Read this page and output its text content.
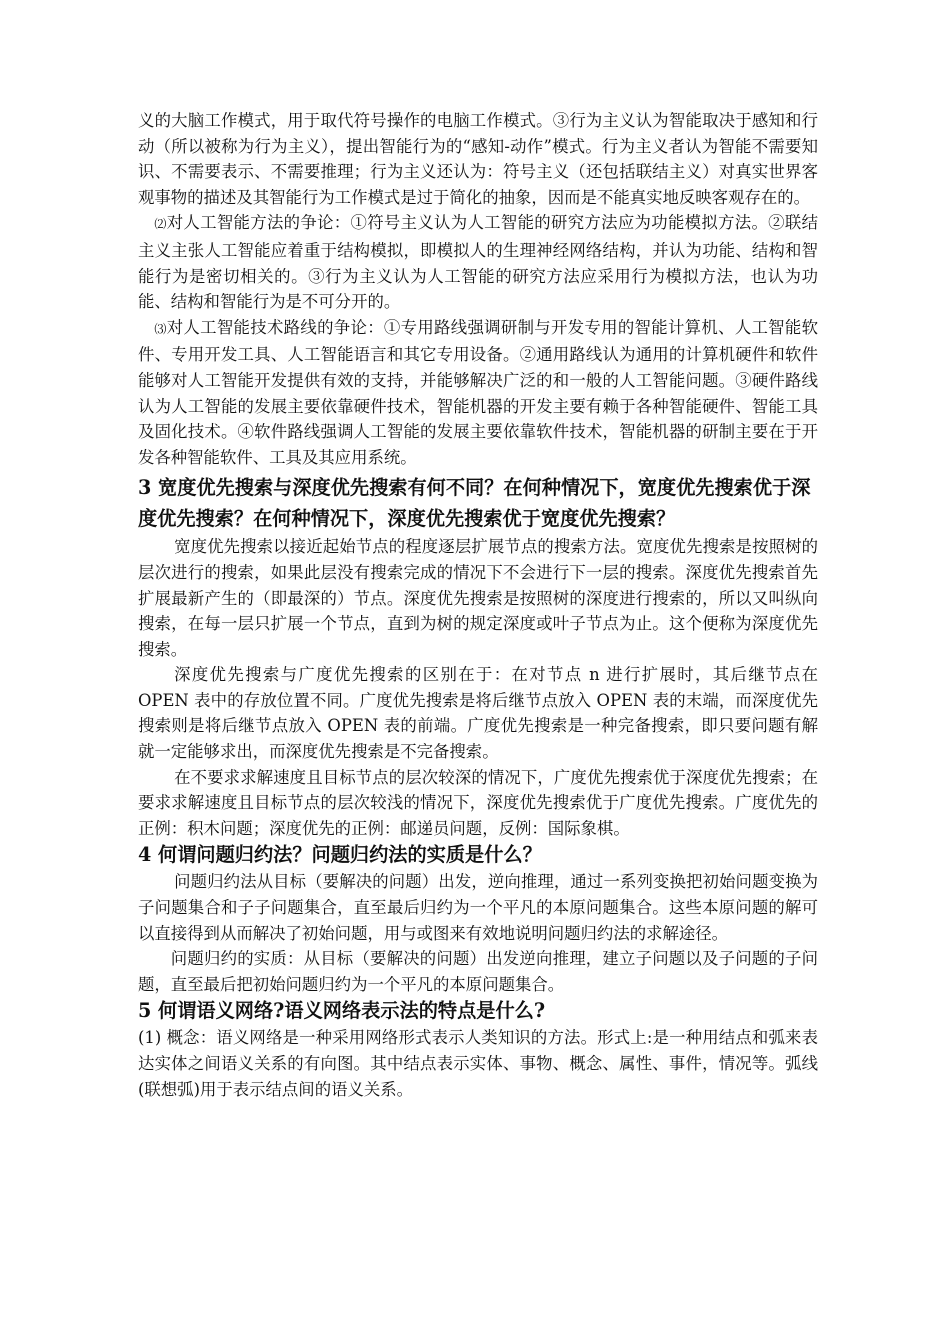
义的大脑工作模式，用于取代符号操作的电脑工作模式。③行为主义认为智能取决于感知和行动（所以被称为行为主义），提出智能行为的“感知-动作”模式。行为主义者认为智能不需要知识、不需要表示、不需要推理；行为主义还认为：符号主义（还包括联结主义）对真实世界客观事物的描述及其智能行为工作模式是过于简化的抽象，因而是不能真实地反映客观存在的。

⑵对人工智能方法的争论：①符号主义认为人工智能的研究方法应为功能模拟方法。②联结主义主张人工智能应着重于结构模拟，即模拟人的生理神经网络结构，并认为功能、结构和智能行为是密切相关的。③行为主义认为人工智能的研究方法应采用行为模拟方法，也认为功能、结构和智能行为是不可分开的。

⑶对人工智能技术路线的争论：①专用路线强调研制与开发专用的智能计算机、人工智能软件、专用开发工具、人工智能语言和其它专用设备。②通用路线认为通用的计算机硬件和软件能够对人工智能开发提供有效的支持，并能够解决广泛的和一般的人工智能问题。③硬件路线认为人工智能的发展主要依靠硬件技术，智能机器的开发主要有赖于各种智能硬件、智能工具及固化技术。④软件路线强调人工智能的发展主要依靠软件技术，智能机器的研制主要在于开发各种智能软件、工具及其应用系统。

3 宽度优先搜索与深度优先搜索有何不同？在何种情况下，宽度优先搜索优于深度优先搜索？在何种情况下，深度优先搜索优于宽度优先搜索？

宽度优先搜索以接近起始节点的程度逐层扩展节点的搜索方法。宽度优先搜索是按照树的层次进行的搜索，如果此层没有搜索完成的情况下不会进行下一层的搜索。深度优先搜索首先扩展最新产生的（即最深的）节点。深度优先搜索是按照树的深度进行搜索的，所以又叫纵向搜索，在每一层只扩展一个节点，直到为树的规定深度或叶子节点为止。这个便称为深度优先搜索。

深度优先搜索与广度优先搜索的区别在于：在对节点 n 进行扩展时，其后继节点在 OPEN 表中的存放位置不同。广度优先搜索是将后继节点放入 OPEN 表的末端，而深度优先搜索则是将后继节点放入 OPEN 表的前端。广度优先搜索是一种完备搜索，即只要问题有解就一定能够求出，而深度优先搜索是不完备搜索。

在不要求求解速度且目标节点的层次较深的情况下，广度优先搜索优于深度优先搜索；在要求求解速度且目标节点的层次较浅的情况下，深度优先搜索优于广度优先搜索。广度优先的正例：积木问题；深度优先的正例：邮递员问题，反例：国际象棋。

4 何谓问题归约法？问题归约法的实质是什么？

问题归约法从目标（要解决的问题）出发，逆向推理，通过一系列变换把初始问题变换为子问题集合和子子问题集合，直至最后归约为一个平凡的本原问题集合。这些本原问题的解可以直接得到从而解决了初始问题，用与或图来有效地说明问题归约法的求解途径。

问题归约的实质：从目标（要解决的问题）出发逆向推理，建立子问题以及子问题的子问题，直至最后把初始问题归约为一个平凡的本原问题集合。

5 何谓语义网络?语义网络表示法的特点是什么?

(1) 概念：语义网络是一种采用网络形式表示人类知识的方法。形式上:是一种用结点和弧来表达实体之间语义关系的有向图。其中结点表示实体、事物、概念、属性、事件，情况等。弧线(联想弧)用于表示结点间的语义关系。
